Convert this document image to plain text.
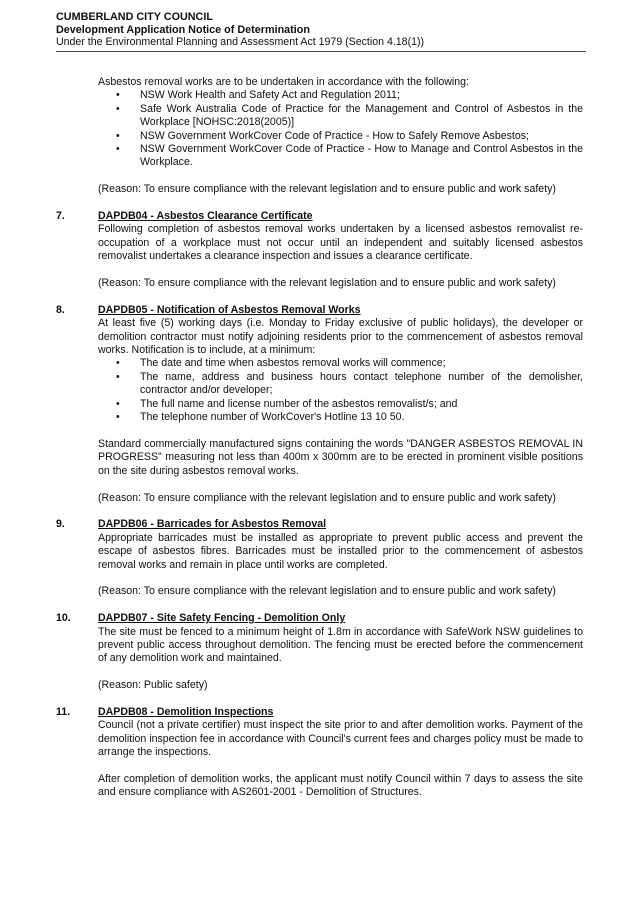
CUMBERLAND CITY COUNCIL
Development Application Notice of Determination
Under the Environmental Planning and Assessment Act 1979 (Section 4.18(1))

Asbestos removal works are to be undertaken in accordance with the following:

• NSW Work Health and Safety Act and Regulation 2011;
• Safe Work Australia Code of Practice for the Management and Control of Asbestos in the Workplace [NOHSC:2018(2005)]
• NSW Government WorkCover Code of Practice - How to Safely Remove Asbestos;
• NSW Government WorkCover Code of Practice - How to Manage and Control Asbestos in the Workplace.

(Reason: To ensure compliance with the relevant legislation and to ensure public and work safety)

7.	DAPDB04 - Asbestos Clearance Certificate

Following completion of asbestos removal works undertaken by a licensed asbestos removalist re-occupation of a workplace must not occur until an independent and suitably licensed asbestos removalist undertakes a clearance inspection and issues a clearance certificate.

(Reason: To ensure compliance with the relevant legislation and to ensure public and work safety)

8.	DAPDB05 - Notification of Asbestos Removal Works

At least five (5) working days (i.e. Monday to Friday exclusive of public holidays), the developer or demolition contractor must notify adjoining residents prior to the commencement of asbestos removal works. Notification is to include, at a minimum:

• The date and time when asbestos removal works will commence;
• The name, address and business hours contact telephone number of the demolisher, contractor and/or developer;
• The full name and license number of the asbestos removalist/s; and
• The telephone number of WorkCover's Hotline 13 10 50.

Standard commercially manufactured signs containing the words "DANGER ASBESTOS REMOVAL IN PROGRESS" measuring not less than 400m x 300mm are to be erected in prominent visible positions on the site during asbestos removal works.

(Reason: To ensure compliance with the relevant legislation and to ensure public and work safety)

9.	DAPDB06 - Barricades for Asbestos Removal

Appropriate barricades must be installed as appropriate to prevent public access and prevent the escape of asbestos fibres. Barricades must be installed prior to the commencement of asbestos removal works and remain in place until works are completed.

(Reason: To ensure compliance with the relevant legislation and to ensure public and work safety)

10.	DAPDB07 - Site Safety Fencing - Demolition Only

The site must be fenced to a minimum height of 1.8m in accordance with SafeWork NSW guidelines to prevent public access throughout demolition. The fencing must be erected before the commencement of any demolition work and maintained.

(Reason: Public safety)

11.	DAPDB08 - Demolition Inspections

Council (not a private certifier) must inspect the site prior to and after demolition works. Payment of the demolition inspection fee in accordance with Council's current fees and charges policy must be made to arrange the inspections.

After completion of demolition works, the applicant must notify Council within 7 days to assess the site and ensure compliance with AS2601-2001 - Demolition of Structures.
